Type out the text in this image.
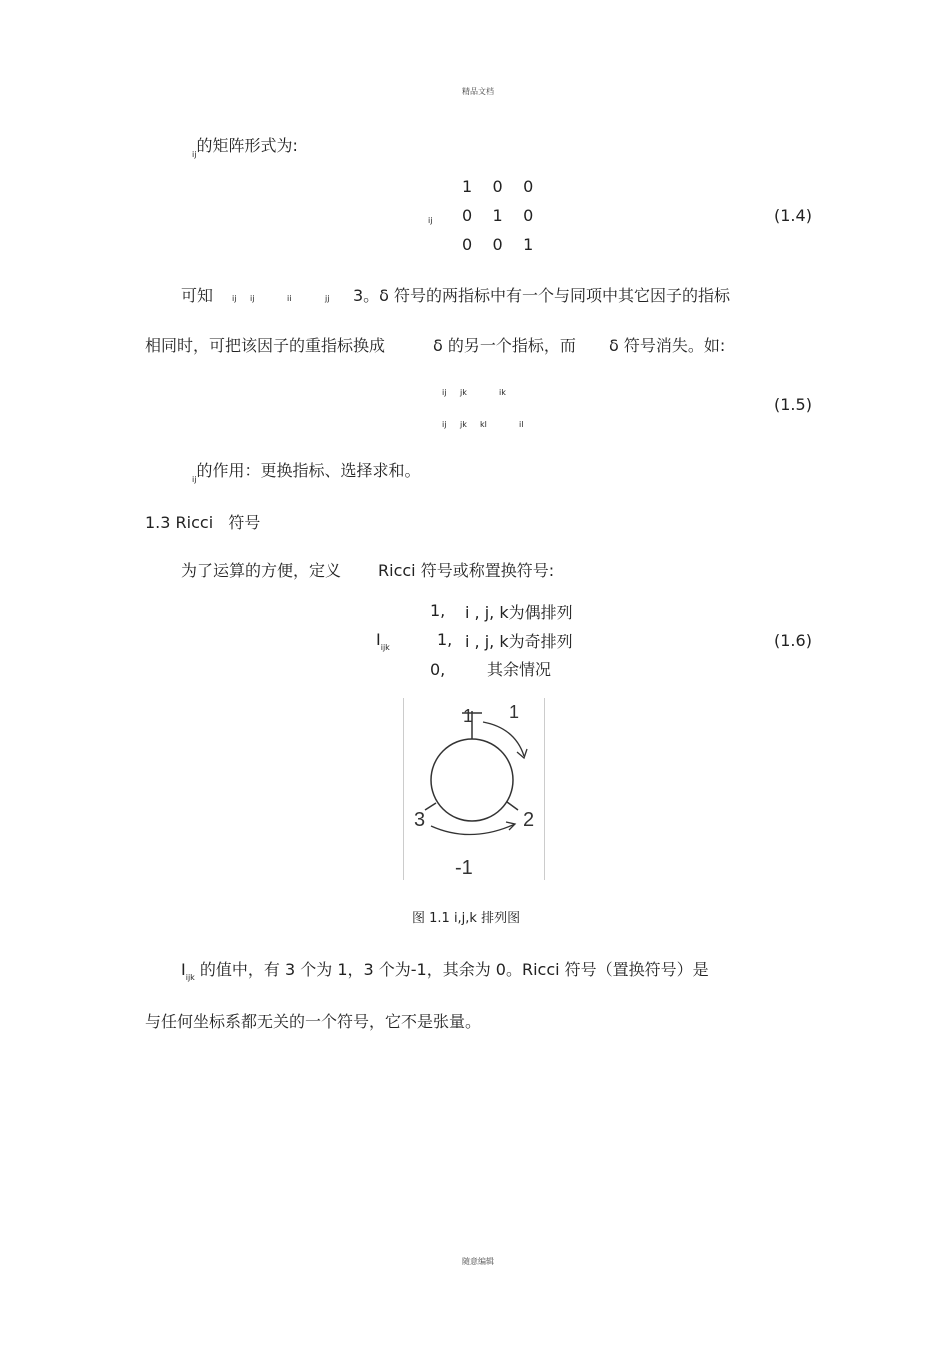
精品文档
随意编辑
$_{ij}$的矩阵形式为:
ij
1 0 0
0 1 0
0 0 1
(1.4)
可知 ij ij	ii	jj 3。δ 符号的两指标中有一个与同项中其它因子的指标
相同时，可把该因子的重指标换成	δ 的另一个指标，而 δ 符号消失。如:
ij jk	ik
ij jk kl	il
(1.5)
$_{ij}$的作用：更换指标、选择求和。
1.3 Ricci 符号
为了运算的方便，定义 Ricci 符号或称置换符号:
$I_{ijk}$
1, i , j, k为偶排列
1, i , j, k为奇排列
0,	其余情况
(1.6)
1 1
2
3
-1
图 1.1 i,j,k 排列图
$I_{ijk}$ 的值中，有 3 个为 1，3 个为-1，其余为 0。Ricci 符号（置换符号）是
与任何坐标系都无关的一个符号，它不是张量。
